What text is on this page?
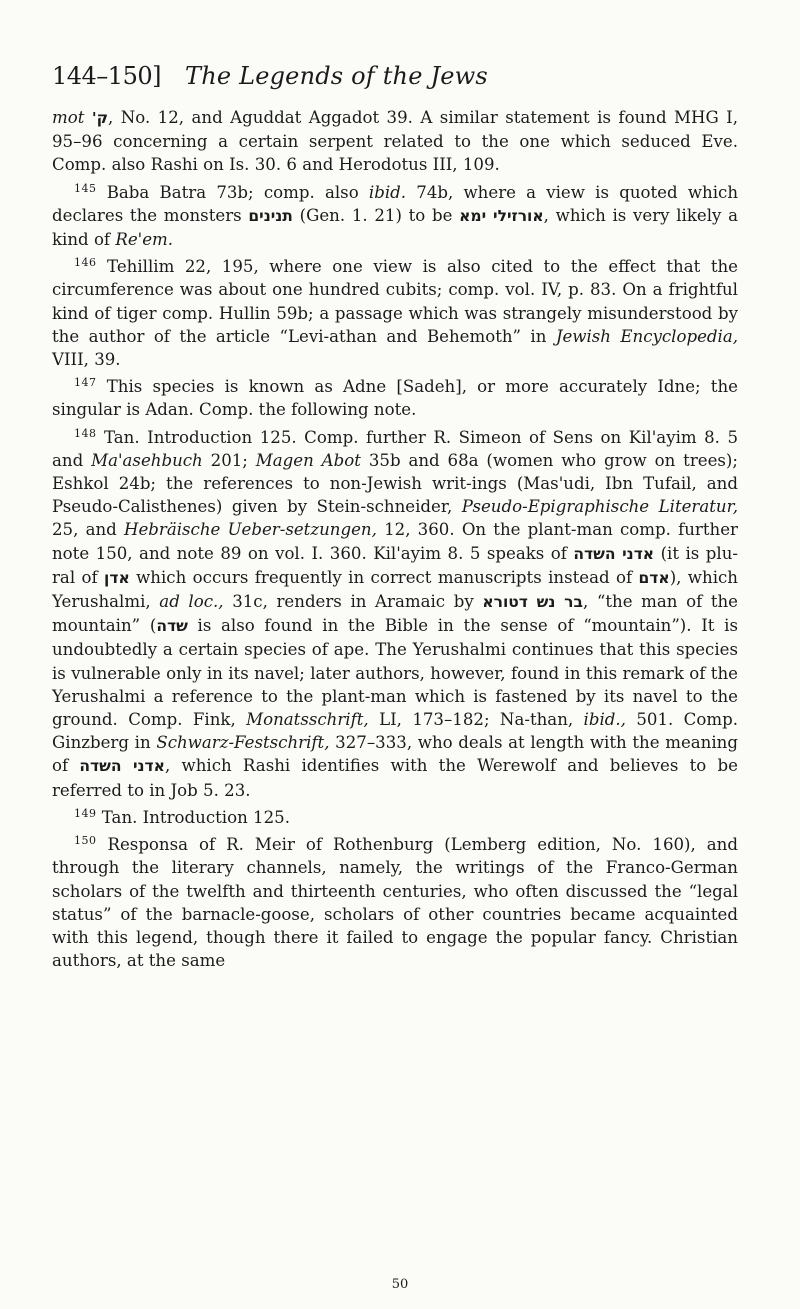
144–150] The Legends of the Jews

mot 'ק, No. 12, and Aguddat Aggadot 39. A similar statement is found MHG I, 95–96 concerning a certain serpent related to the one which seduced Eve. Comp. also Rashi on Is. 30. 6 and Herodotus III, 109.

$^{145}$ Baba Batra 73b; comp. also ibid. 74b, where a view is quoted which declares the monsters תנינים (Gen. 1. 21) to be אורזילי ימא, which is very likely a kind of Re'em.

$^{146}$ Tehillim 22, 195, where one view is also cited to the effect that the circumference was about one hundred cubits; comp. vol. IV, p. 83. On a frightful kind of tiger comp. Hullin 59b; a passage which was strangely misunderstood by the author of the article “Levi-athan and Behemoth” in Jewish Encyclopedia, VIII, 39.

$^{147}$ This species is known as Adne [Sadeh], or more accurately Idne; the singular is Adan. Comp. the following note.

$^{148}$ Tan. Introduction 125. Comp. further R. Simeon of Sens on Kil'ayim 8. 5 and Ma'asehbuch 201; Magen Abot 35b and 68a (women who grow on trees); Eshkol 24b; the references to non-Jewish writ-ings (Mas'udi, Ibn Tufail, and Pseudo-Calisthenes) given by Stein-schneider, Pseudo-Epigraphische Literatur, 25, and Hebräische Ueber-setzungen, 12, 360. On the plant-man comp. further note 150, and note 89 on vol. I. 360. Kil'ayim 8. 5 speaks of אדני השדה (it is plu-ral of אדן which occurs frequently in correct manuscripts instead of אדם), which Yerushalmi, ad loc., 31c, renders in Aramaic by בר נש דטורא, “the man of the mountain” (שדה is also found in the Bible in the sense of “mountain”). It is undoubtedly a certain species of ape. The Yerushalmi continues that this species is vulnerable only in its navel; later authors, however, found in this remark of the Yerushalmi a reference to the plant-man which is fastened by its navel to the ground. Comp. Fink, Monatsschrift, LI, 173–182; Na-than, ibid., 501. Comp. Ginzberg in Schwarz-Festschrift, 327–333, who deals at length with the meaning of אדני השדה, which Rashi identifies with the Werewolf and believes to be referred to in Job 5. 23.

$^{149}$ Tan. Introduction 125.

$^{150}$ Responsa of R. Meir of Rothenburg (Lemberg edition, No. 160), and through the literary channels, namely, the writings of the Franco-German scholars of the twelfth and thirteenth centuries, who often discussed the “legal status” of the barnacle-goose, scholars of other countries became acquainted with this legend, though there it failed to engage the popular fancy. Christian authors, at the same

50
